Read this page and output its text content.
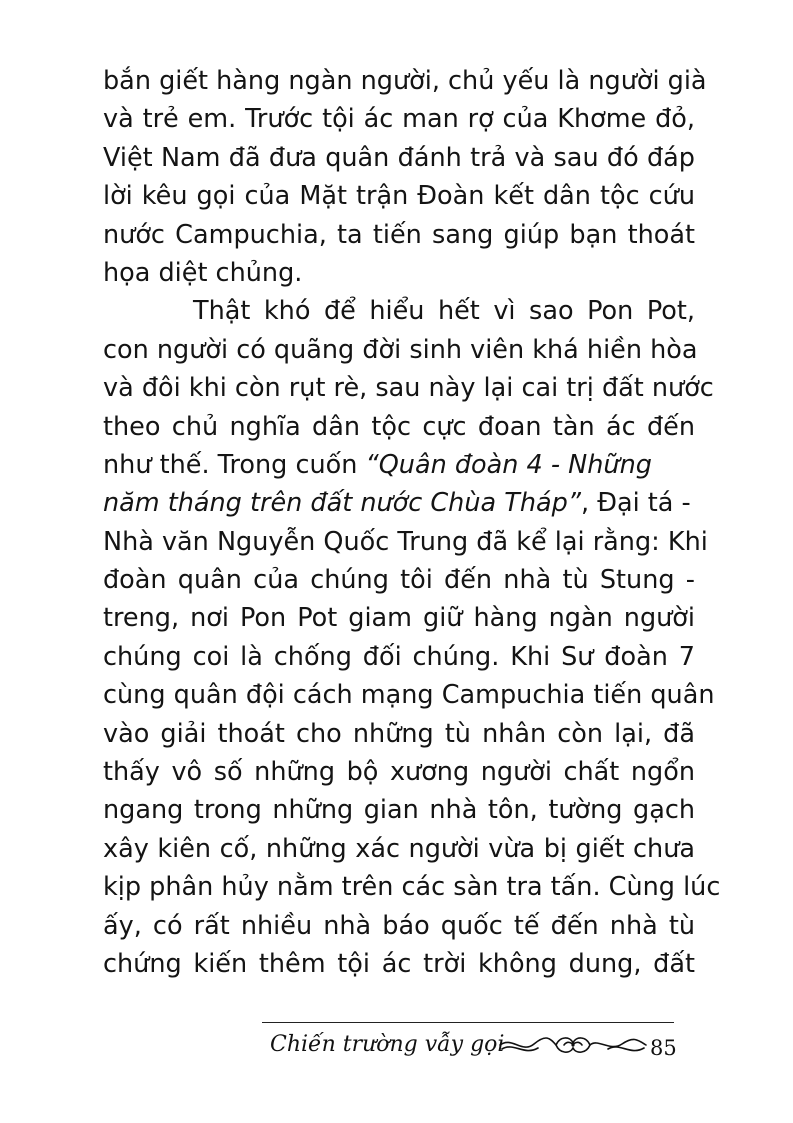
bắn giết hàng ngàn người, chủ yếu là người già
và trẻ em. Trước tội ác man rợ của Khơme đỏ,
Việt Nam đã đưa quân đánh trả và sau đó đáp
lời kêu gọi của Mặt trận Đoàn kết dân tộc cứu
nước Campuchia, ta tiến sang giúp bạn thoát
họa diệt chủng.
Thật khó để hiểu hết vì sao Pon Pot,
con người có quãng đời sinh viên khá hiền hòa
và đôi khi còn rụt rè, sau này lại cai trị đất nước
theo chủ nghĩa dân tộc cực đoan tàn ác đến
như thế. Trong cuốn “Quân đoàn 4 - Những
năm tháng trên đất nước Chùa Tháp”, Đại tá -
Nhà văn Nguyễn Quốc Trung đã kể lại rằng: Khi
đoàn quân của chúng tôi đến nhà tù Stung -
treng, nơi Pon Pot giam giữ hàng ngàn người
chúng coi là chống đối chúng. Khi Sư đoàn 7
cùng quân đội cách mạng Campuchia tiến quân
vào giải thoát cho những tù nhân còn lại, đã
thấy vô số những bộ xương người chất ngổn
ngang trong những gian nhà tôn, tường gạch
xây kiên cố, những xác người vừa bị giết chưa
kịp phân hủy nằm trên các sàn tra tấn. Cùng lúc
ấy, có rất nhiều nhà báo quốc tế đến nhà tù
chứng kiến thêm tội ác trời không dung, đất
Chiến trường vẫy gọi	85
